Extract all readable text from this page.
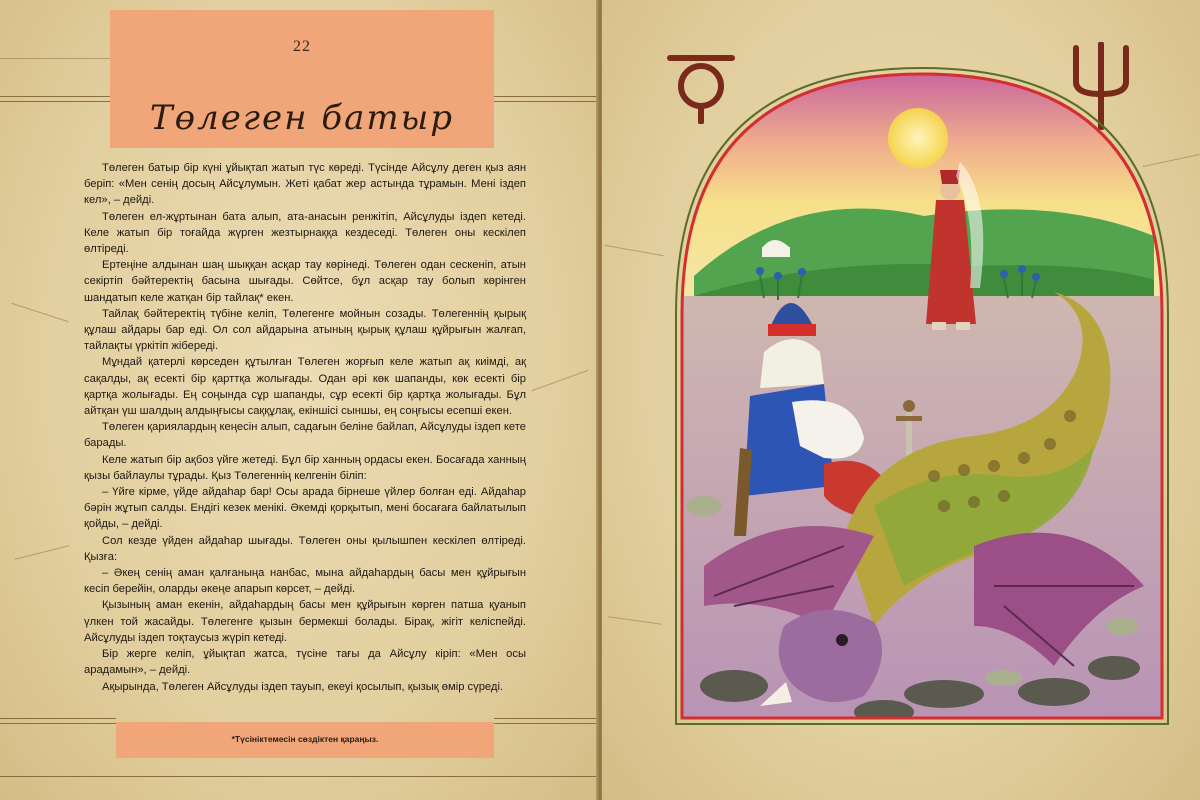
22
Төлеген батыр

Төлеген батыр бір күні ұйықтап жатып түс көреді. Түсінде Айсұлу деген қыз аян беріп: «Мен сенің досың Айсұлумын. Жеті қабат жер астында тұрамын. Мені іздеп кел», – дейді.

Төлеген ел-жұртынан бата алып, ата-анасын ренжітіп, Айсұлуды іздеп кетеді. Келе жатып бір тоғайда жүрген жезтырнаққа кездеседі. Төлеген оны кескілеп өлтіреді.

Ертеңіне алдынан шаң шыққан асқар тау көрінеді. Төлеген одан сескеніп, атын секіртіп бәйтеректің басына шығады. Сөйтсе, бұл асқар тау болып көрінген шандатып келе жатқан бір тайлақ* екен.

Тайлақ бәйтеректің түбіне келіп, Төлегенге мойнын созады. Төлегеннің қырық құлаш айдары бар еді. Ол сол айдарына атының қырық құлаш құйрығын жалғап, тайлақты үркітіп жібереді.

Мұндай қатерлі көрседен құтылған Төлеген жорғып келе жатып ақ киімді, ақ сақалды, ақ есекті бір қарттқа жолығады. Одан әрі көк шапанды, көк есекті бір қартқа жолығады. Ең соңында сұр шапанды, сұр есекті бір қартқа жолығады. Бұл айтқан үш шалдың алдыңғысы саққұлақ, екіншісі сыншы, ең соңғысы есепші екен.

Төлеген қариялардың кеңесін алып, садағын беліне байлап, Айсұлуды іздеп кете барады.

Келе жатып бір ақбоз үйге жетеді. Бұл бір ханның ордасы екен. Босағада ханның қызы байлаулы тұрады. Қыз Төлегеннің келгенін біліп:

– Үйге кірме, үйде айдаһар бар! Осы арада бірнеше үйлер болған еді. Айдаһар бәрін жұтып салды. Ендігі кезек менікі. Әкемді қорқытып, мені босағаға байлатылып қойды, – дейді.

Сол кезде үйден айдаһар шығады. Төлеген оны қылышпен кескілеп өлтіреді. Қызға:

– Әкең сенің аман қалғаныңа нанбас, мына айдаһардың басы мен құйрығын кесіп берейін, оларды әкеңе апарып көрсет, – дейді.

Қызының аман екенін, айдаһардың басы мен құйрығын көрген патша қуанып үлкен той жасайды. Төлегенге қызын бермекші болады. Бірақ, жігіт келіспейді. Айсұлуды іздеп тоқтаусыз жүріп кетеді.

Бір жерге келіп, ұйықтап жатса, түсіне тағы да Айсұлу кіріп: «Мен осы арадамын», – дейді.

Ақырында, Төлеген Айсұлуды іздеп тауып, екеуі қосылып, қызық өмір сүреді.

*Түсініктемесін сөздіктен қараңыз.
